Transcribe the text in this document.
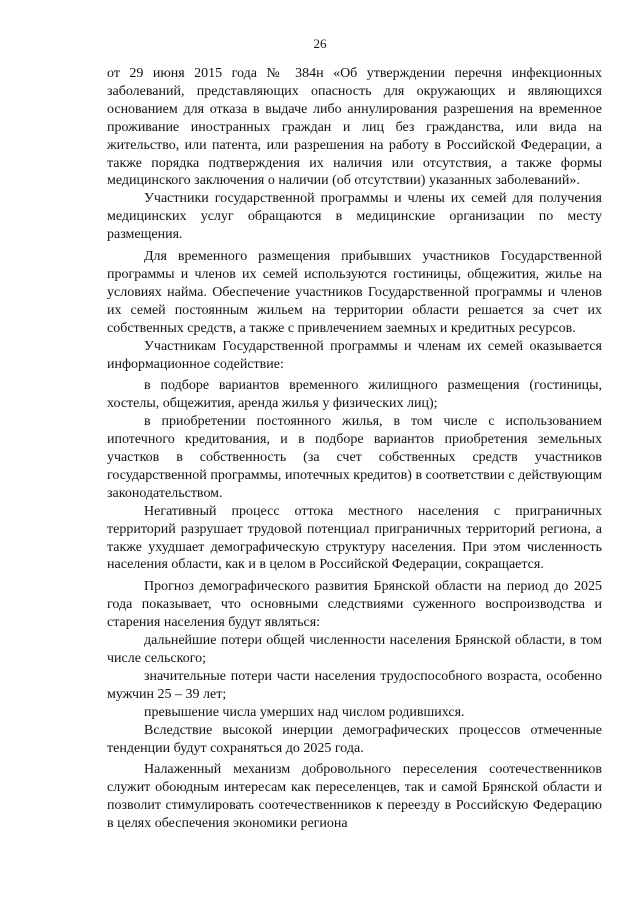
26

от 29 июня 2015 года № 384н «Об утверждении перечня инфекционных заболеваний, представляющих опасность для окружающих и являющихся основанием для отказа в выдаче либо аннулирования разрешения на временное проживание иностранных граждан и лиц без гражданства, или вида на жительство, или патента, или разрешения на работу в Российской Федерации, а также порядка подтверждения их наличия или отсутствия, а также формы медицинского заключения о наличии (об отсутствии) указанных заболеваний».

Участники государственной программы и члены их семей для получения медицинских услуг обращаются в медицинские организации по месту размещения.

Для временного размещения прибывших участников Государственной программы и членов их семей используются гостиницы, общежития, жилье на условиях найма. Обеспечение участников Государственной программы и членов их семей постоянным жильем на территории области решается за счет их собственных средств, а также с привлечением заемных и кредитных ресурсов.

Участникам Государственной программы и членам их семей оказывается информационное содействие:

в подборе вариантов временного жилищного размещения (гостиницы, хостелы, общежития, аренда жилья у физических лиц);

в приобретении постоянного жилья, в том числе с использованием ипотечного кредитования, и в подборе вариантов приобретения земельных участков в собственность (за счет собственных средств участников государственной программы, ипотечных кредитов) в соответствии с действующим законодательством.

Негативный процесс оттока местного населения с приграничных территорий разрушает трудовой потенциал приграничных территорий региона, а также ухудшает демографическую структуру населения. При этом численность населения области, как и в целом в Российской Федерации, сокращается.

Прогноз демографического развития Брянской области на период до 2025 года показывает, что основными следствиями суженного воспроизводства и старения населения будут являться:

дальнейшие потери общей численности населения Брянской области, в том числе сельского;

значительные потери части населения трудоспособного возраста, особенно мужчин 25 – 39 лет;

превышение числа умерших над числом родившихся.

Вследствие высокой инерции демографических процессов отмеченные тенденции будут сохраняться до 2025 года.

Налаженный механизм добровольного переселения соотечественников служит обоюдным интересам как переселенцев, так и самой Брянской области и позволит стимулировать соотечественников к переезду в Российскую Федерацию в целях обеспечения экономики региона
